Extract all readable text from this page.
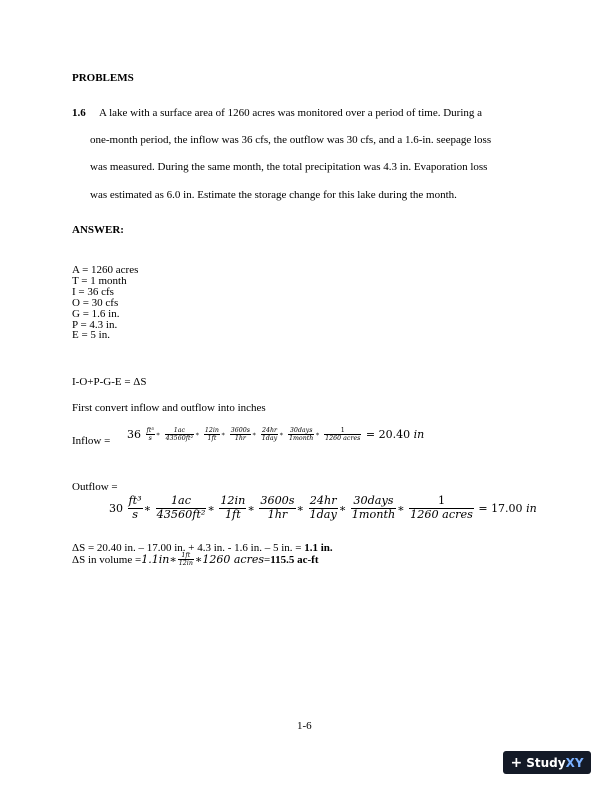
PROBLEMS
1.6 A lake with a surface area of 1260 acres was monitored over a period of time. During a
one-month period, the inflow was 36 cfs, the outflow was 30 cfs, and a 1.6-in. seepage loss
was measured. During the same month, the total precipitation was 4.3 in. Evaporation loss
was estimated as 6.0 in. Estimate the storage change for this lake during the month.
ANSWER:
A = 1260 acres
T = 1 month
I = 36 cfs
O = 30 cfs
G = 1.6 in.
P = 4.3 in.
E = 5 in.
I-O+P-G-E = ΔS
First convert inflow and outflow into inches
Inflow = $36 \frac{\text{ft³}}{s}$ ∗ $\frac{1ac}{\text{43560ft²}}$ ∗ $\frac{12in}{1ft}$ ∗ $\frac{3600s}{1hr}$ ∗ $\frac{24hr}{\text{1day}}$ ∗ $\frac{\text{30days}}{\text{1month}}$ ∗ $\frac{1}{\text{1260 acres}} = 20.40$ in
Outflow =
$30 \frac{\text{ft³}}{s}$ ∗ $\frac{1ac}{\text{43560ft²}}$ ∗ $\frac{12in}{1ft}$ ∗ $\frac{3600s}{1hr}$ ∗ $\frac{24hr}{\text{1day}}$ ∗ $\frac{\text{30days}}{\text{1month}}$ ∗ $\frac{1}{\text{1260 acres}} = 17.00$ in
ΔS = 20.40 in. – 17.00 in. + 4.3 in. - 1.6 in. – 5 in. = 1.1 in.
ΔS in volume =1.1in∗ $\frac{1ft}{12in}$ ∗1260 acres=115.5 ac-ft
1-6
+ Study XY
